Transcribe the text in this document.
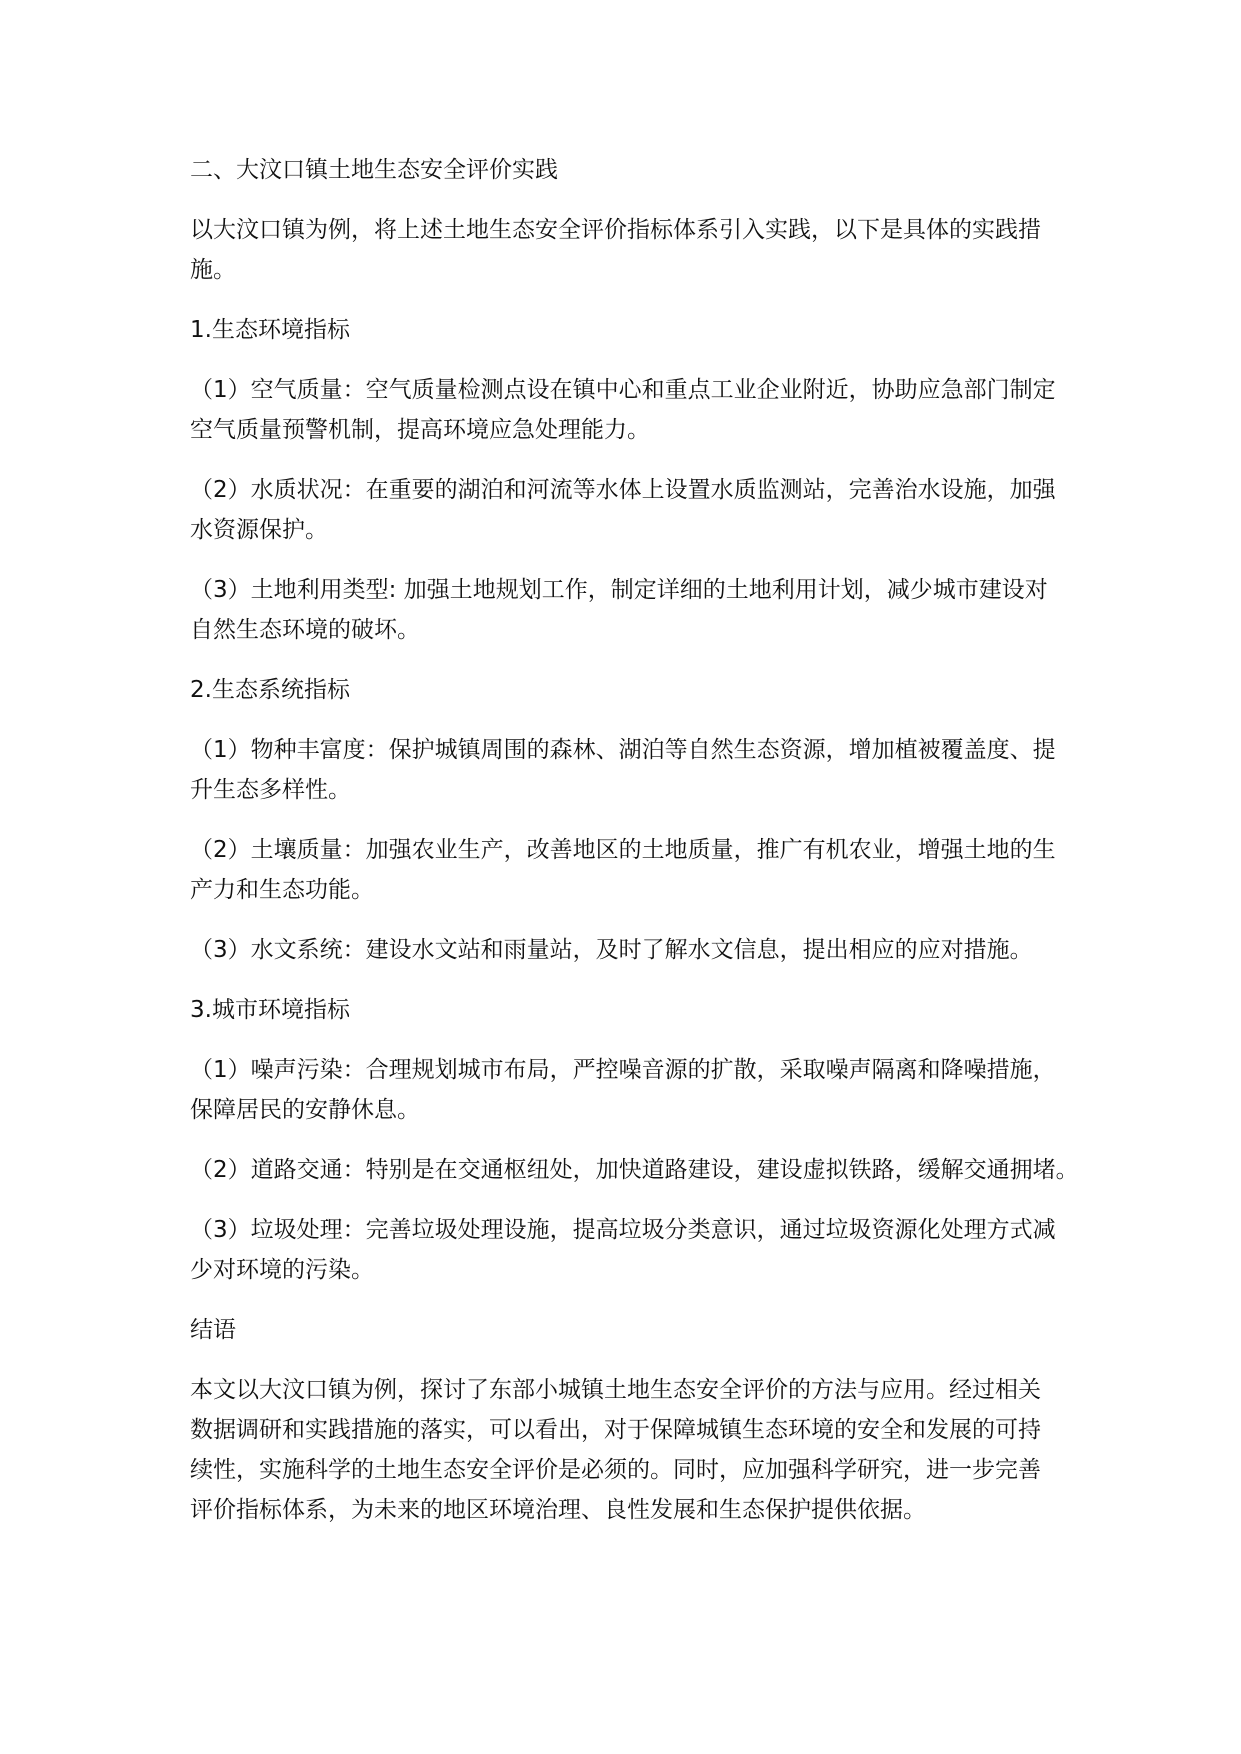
二、大汶口镇土地生态安全评价实践

以大汶口镇为例，将上述土地生态安全评价指标体系引入实践，以下是具体的实践措
施。

1.生态环境指标

（1）空气质量：空气质量检测点设在镇中心和重点工业企业附近，协助应急部门制定
空气质量预警机制，提高环境应急处理能力。

（2）水质状况：在重要的湖泊和河流等水体上设置水质监测站，完善治水设施，加强
水资源保护。

（3）土地利用类型: 加强土地规划工作，制定详细的土地利用计划，减少城市建设对
自然生态环境的破坏。

2.生态系统指标

（1）物种丰富度：保护城镇周围的森林、湖泊等自然生态资源，增加植被覆盖度、提
升生态多样性。

（2）土壤质量：加强农业生产，改善地区的土地质量，推广有机农业，增强土地的生
产力和生态功能。

（3）水文系统：建设水文站和雨量站，及时了解水文信息，提出相应的应对措施。

3.城市环境指标

（1）噪声污染：合理规划城市布局，严控噪音源的扩散，采取噪声隔离和降噪措施，
保障居民的安静休息。

（2）道路交通：特别是在交通枢纽处，加快道路建设，建设虚拟铁路，缓解交通拥堵。

（3）垃圾处理：完善垃圾处理设施，提高垃圾分类意识，通过垃圾资源化处理方式减
少对环境的污染。

结语

本文以大汶口镇为例，探讨了东部小城镇土地生态安全评价的方法与应用。经过相关
数据调研和实践措施的落实，可以看出，对于保障城镇生态环境的安全和发展的可持
续性，实施科学的土地生态安全评价是必须的。同时，应加强科学研究，进一步完善
评价指标体系，为未来的地区环境治理、良性发展和生态保护提供依据。
